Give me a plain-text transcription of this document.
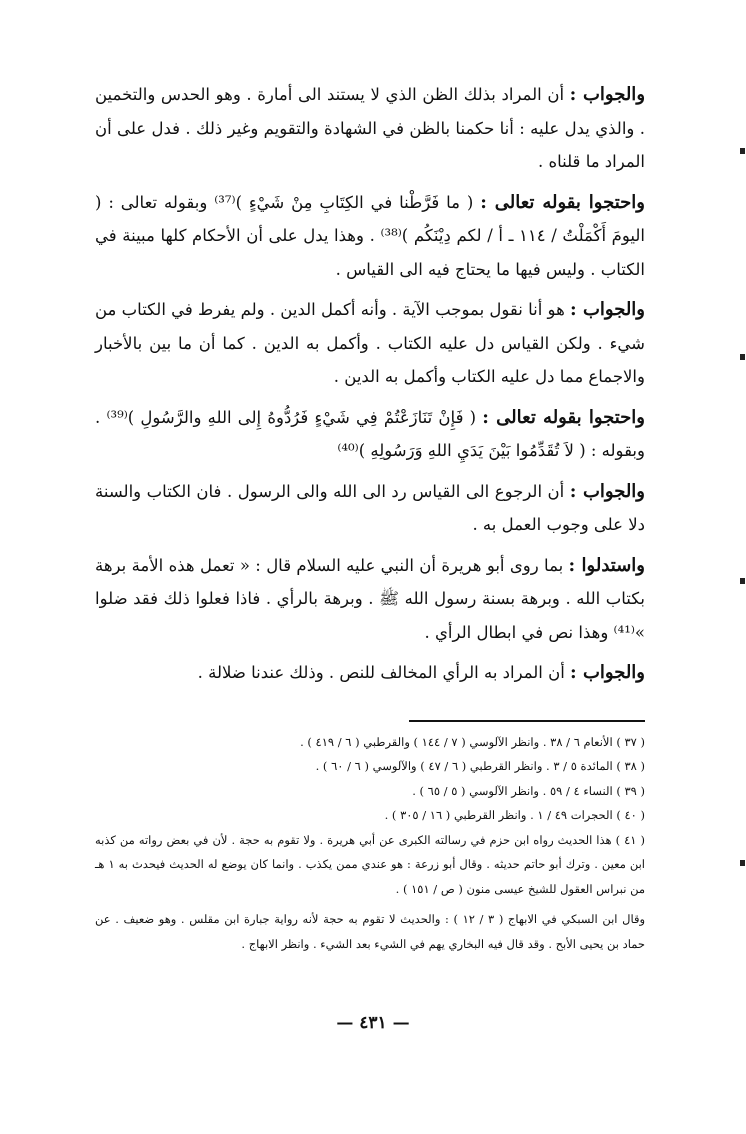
والجواب : أن المراد بذلك الظن الذي لا يستند الى أمارة . وهو الحدس والتخمين . والذي يدل عليه : أنا حكمنا بالظن في الشهادة والتقويم وغير ذلك . فدل على أن المراد ما قلناه .

واحتجوا بقوله تعالى : ( ما فَرَّطْنا في الكِتَابِ مِنْ شَيْءٍ )⁽³⁷⁾ وبقوله تعالى : ( اليومَ أَكْمَلْتُ / ١١٤ ـ أ / لكم دِيْنَكُم )⁽³⁸⁾ . وهذا يدل على أن الأحكام كلها مبينة في الكتاب . وليس فيها ما يحتاج فيه الى القياس .

والجواب : هو أنا نقول بموجب الآية . وأنه أكمل الدين . ولم يفرط في الكتاب من شيء . ولكن القياس دل عليه الكتاب . وأكمل به الدين . كما أن ما بين بالأخبار والاجماع مما دل عليه الكتاب وأكمل به الدين .

واحتجوا بقوله تعالى : ( فَإِنْ تَنَازَعْتُمْ فِي شَيْءٍ فَرُدُّوهُ إِلى اللهِ والرَّسُولِ )⁽³⁹⁾ . وبقوله : ( لاَ تُقَدِّمُوا بَيْنَ يَدَيِ اللهِ وَرَسُولِهِ )⁽⁴⁰⁾

والجواب : أن الرجوع الى القياس رد الى الله والى الرسول . فان الكتاب والسنة دلا على وجوب العمل به .

واستدلوا : بما روى أبو هريرة أن النبي عليه السلام قال : « تعمل هذه الأمة برهة بكتاب الله . وبرهة بسنة رسول الله ﷺ . وبرهة بالرأي . فاذا فعلوا ذلك فقد ضلوا »⁽⁴¹⁾ وهذا نص في ابطال الرأي .

والجواب : أن المراد به الرأي المخالف للنص . وذلك عندنا ضلالة .

( ٣٧ ) الأنعام ٦ / ٣٨ . وانظر الآلوسي ( ٧ / ١٤٤ ) والقرطبي ( ٦ / ٤١٩ ) .

( ٣٨ ) المائدة ٥ / ٣ . وانظر القرطبي ( ٦ / ٤٧ ) والآلوسي ( ٦ / ٦٠ ) .

( ٣٩ ) النساء ٤ / ٥٩ . وانظر الآلوسي ( ٥ / ٦٥ ) .

( ٤٠ ) الحجرات ٤٩ / ١ . وانظر القرطبي ( ١٦ / ٣٠٥ ) .

( ٤١ ) هذا الحديث رواه ابن حزم في رسالته الكبرى عن أبي هريرة . ولا تقوم به حجة . لأن في بعض رواته من كذبه ابن معين . وترك أبو حاتم حديثه . وقال أبو زرعة : هو عندي ممن يكذب . وانما كان يوضع له الحديث فيحدث به ١ هـ من نبراس العقول للشيخ عيسى منون ( ص / ١٥١ ) .

وقال ابن السبكي في الابهاج ( ٣ / ١٢ ) : والحديث لا تقوم به حجة لأنه رواية جبارة ابن مقلس . وهو ضعيف . عن حماد بن يحيى الأبح . وقد قال فيه البخاري يهم في الشيء بعد الشيء . وانظر الابهاج .

— ٤٣١ —
